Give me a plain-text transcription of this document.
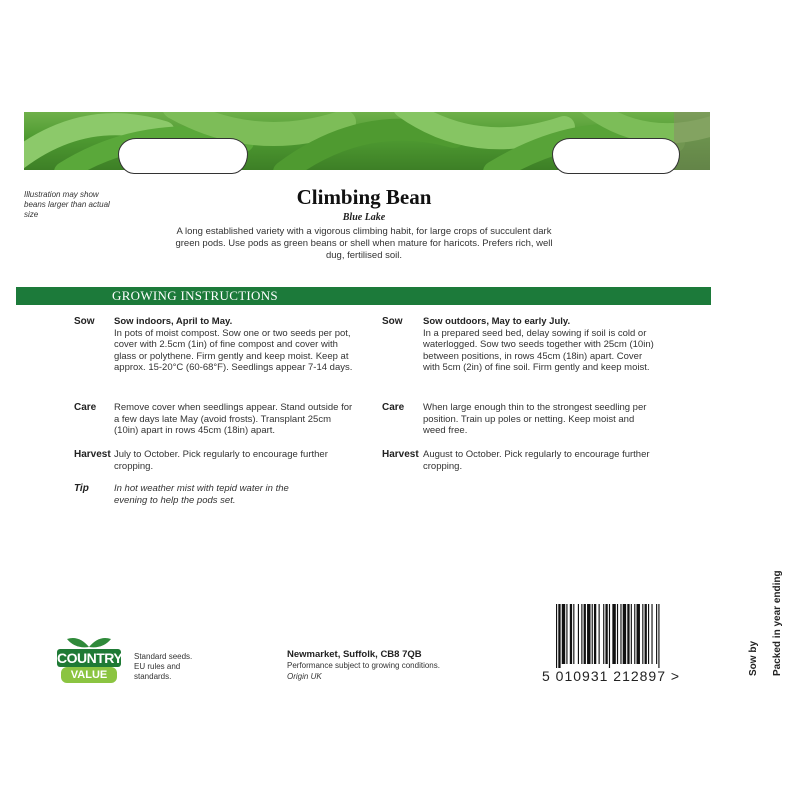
Illustration may show beans larger than actual size
Climbing Bean
Blue Lake
A long established variety with a vigorous climbing habit, for large crops of succulent dark green pods. Use pods as green beans or shell when mature for haricots. Prefers rich, well dug, fertilised soil.
GROWING INSTRUCTIONS
Sow Sow indoors, April to May.
In pots of moist compost. Sow one or two seeds per pot, cover with 2.5cm (1in) of fine compost and cover with glass or polythene. Firm gently and keep moist. Keep at approx. 15-20°C (60-68°F). Seedlings appear 7-14 days.
Care Remove cover when seedlings appear. Stand outside for a few days late May (avoid frosts). Transplant 25cm (10in) apart in rows 45cm (18in) apart.
Harvest July to October. Pick regularly to encourage further cropping.
Tip	In hot weather mist with tepid water in the evening to help the pods set.
Sow Sow outdoors, May to early July.
In a prepared seed bed, delay sowing if soil is cold or waterlogged. Sow two seeds together with 25cm (10in) between positions, in rows 45cm (18in) apart. Cover with 5cm (2in) of fine soil. Firm gently and keep moist.
Care When large enough thin to the strongest seedling per position. Train up poles or netting. Keep moist and weed free.
Harvest August to October. Pick regularly to encourage further cropping.
COUNTRY
VALUE
Standard seeds. EU rules and standards.
Newmarket, Suffolk, CB8 7QB
Performance subject to growing conditions.
Origin UK	5 010931 212897 >	Sow by Packed in year ending
